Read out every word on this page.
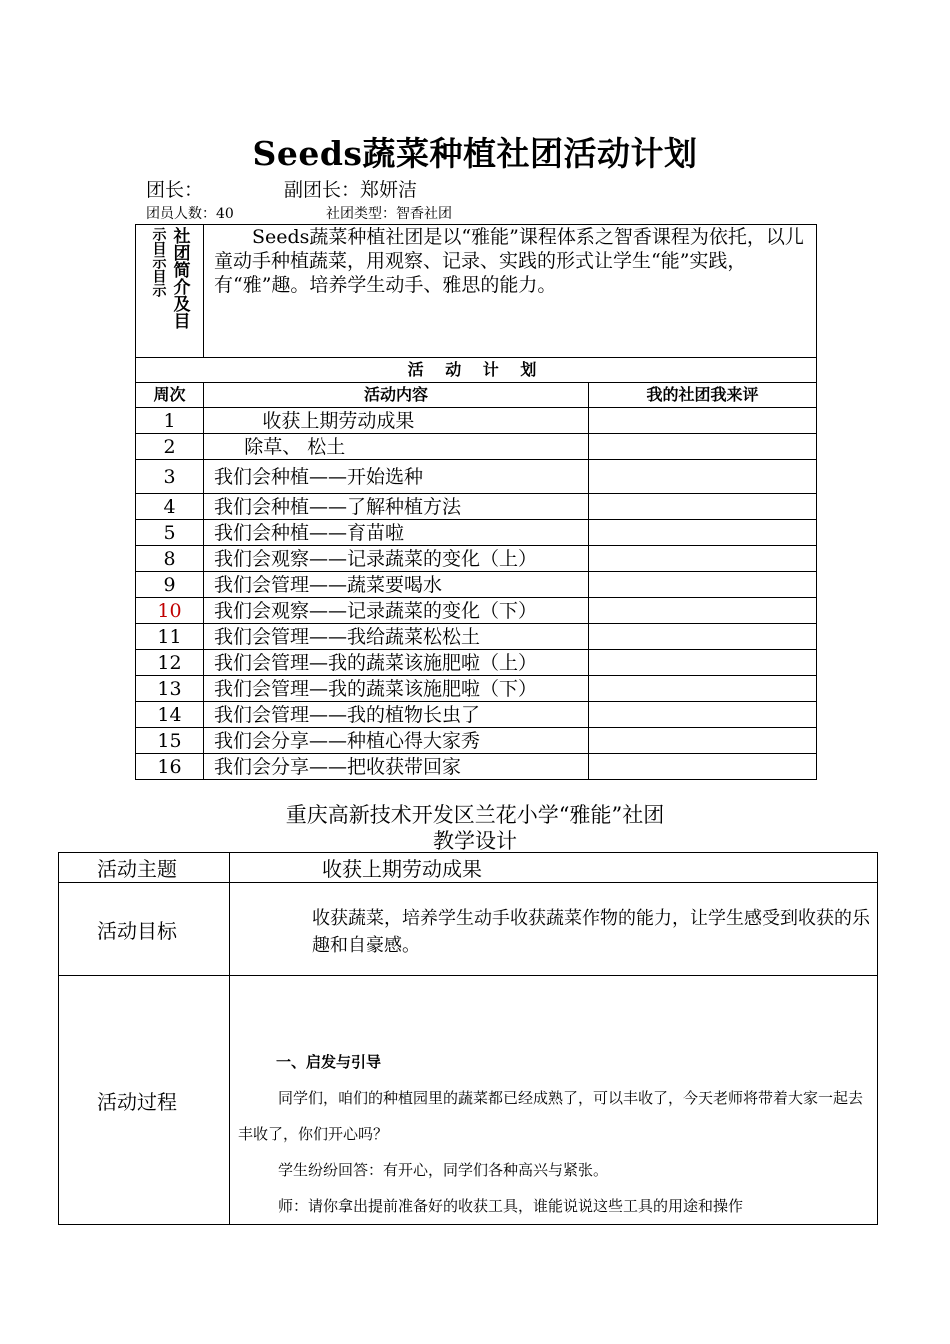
Seeds蔬菜种植社团活动计划
团长：	副团长：郑妍洁
团员人数：40	社团类型：智香社团
示目示目示 社团简介及目	Seeds蔬菜种植社团是以“雅能”课程体系之智香课程为依托，以儿童动手种植蔬菜，用观察、记录、实践的形式让学生“能”实践，有“雅”趣。培养学生动手、雅思的能力。	
活 动 计 划		
周次	活动内容	我的社团我来评
1	收获上期劳动成果	
2	除草、 松土	
3	我们会种植——开始选种	
4	我们会种植——了解种植方法	
5	我们会种植——育苗啦	
8	我们会观察——记录蔬菜的变化（上）	
9	我们会管理——蔬菜要喝水	
10	我们会观察——记录蔬菜的变化（下）	
11	我们会管理——我给蔬菜松松土	
12	我们会管理—我的蔬菜该施肥啦（上）	
13	我们会管理—我的蔬菜该施肥啦（下）	
14	我们会管理——我的植物长虫了	
15	我们会分享——种植心得大家秀	
16	我们会分享——把收获带回家	
重庆高新技术开发区兰花小学“雅能”社团
教学设计
活动主题	收获上期劳动成果
活动目标	收获蔬菜，培养学生动手收获蔬菜作物的能力，让学生感受到收获的乐趣和自豪感。
活动过程	一、启发与引导
同学们，咱们的种植园里的蔬菜都已经成熟了，可以丰收了，今天老师将带着大家一起去丰收了，你们开心吗？
学生纷纷回答：有开心，同学们各种高兴与紧张。
师：请你拿出提前准备好的收获工具，谁能说说这些工具的用途和操作
